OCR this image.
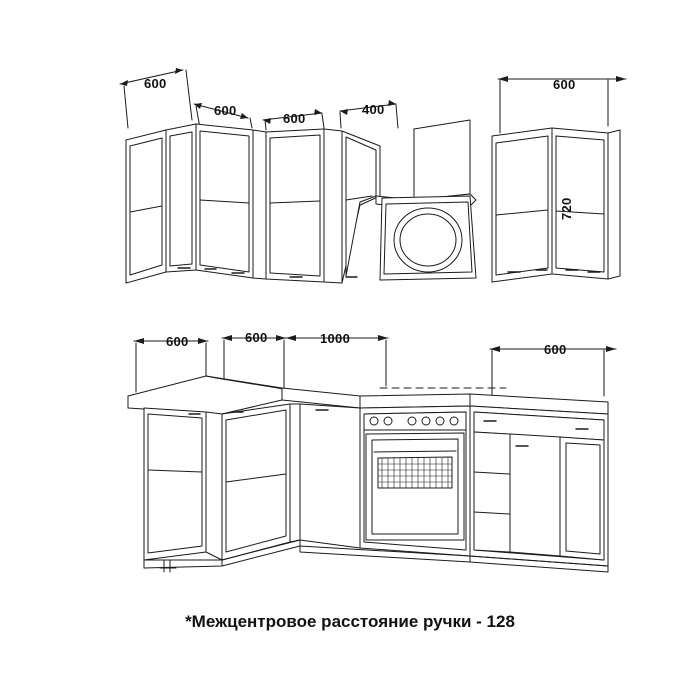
600
600
600
400
600
720
600	600	1000
600
*Межцентровое расстояние ручки - 128
